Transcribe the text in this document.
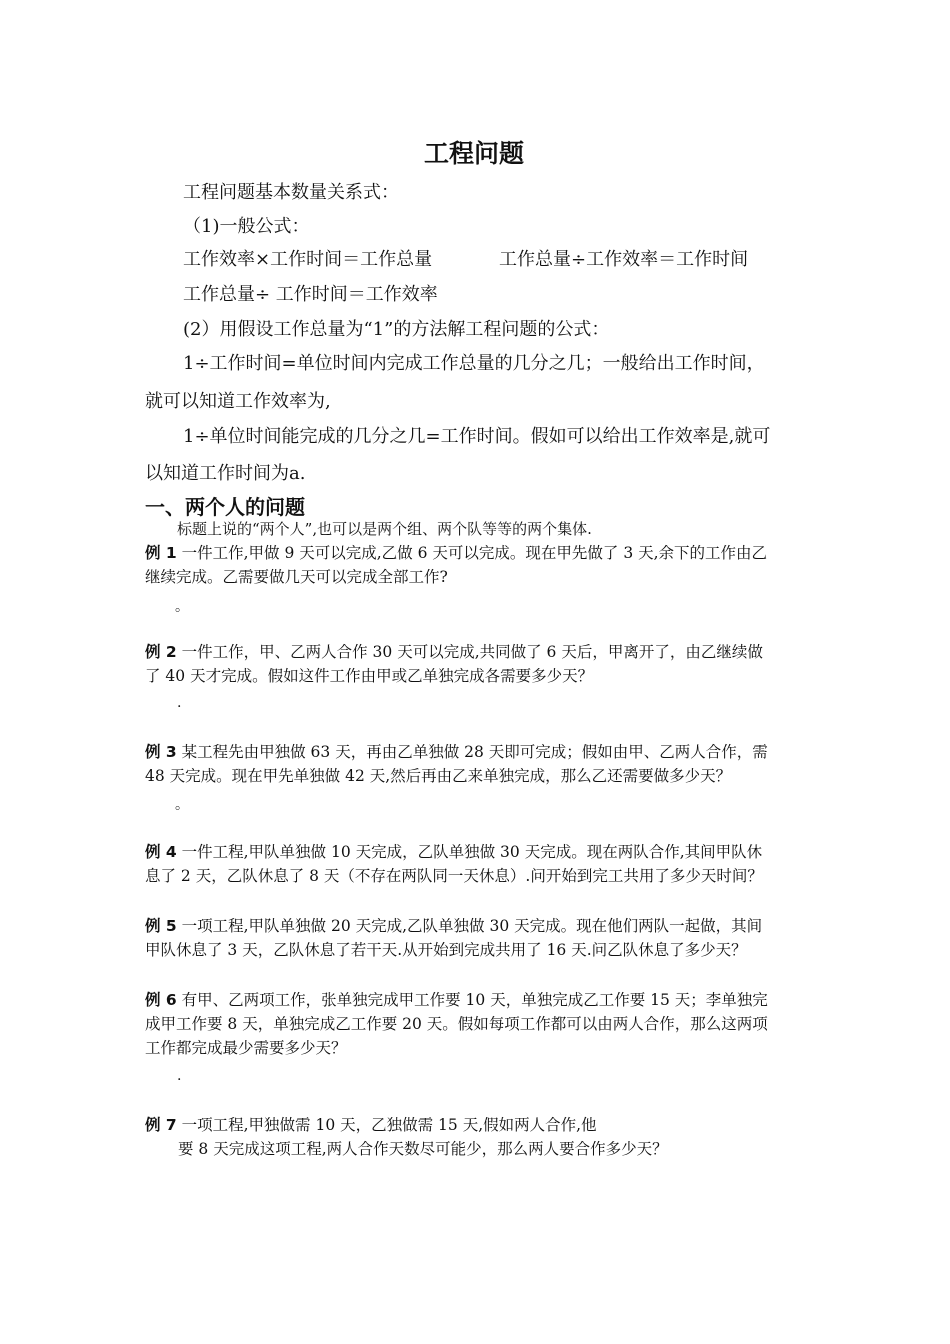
工程问题
工程问题基本数量关系式：
（1)一般公式：
工作效率×工作时间＝工作总量	工作总量÷工作效率＝工作时间
工作总量÷ 工作时间＝工作效率
(2）用假设工作总量为“1”的方法解工程问题的公式：
1÷工作时间=单位时间内完成工作总量的几分之几；一般给出工作时间，
就可以知道工作效率为,
1÷单位时间能完成的几分之几=工作时间。假如可以给出工作效率是,就可
以知道工作时间为a.
一、两个人的问题
标题上说的“两个人”,也可以是两个组、两个队等等的两个集体.
例 1 一件工作,甲做 9 天可以完成,乙做 6 天可以完成。现在甲先做了 3 天,余下的工作由乙
继续完成。乙需要做几天可以完成全部工作?
。
例 2 一件工作，甲、乙两人合作 30 天可以完成,共同做了 6 天后，甲离开了，由乙继续做
了 40 天才完成。假如这件工作由甲或乙单独完成各需要多少天？
.
例 3 某工程先由甲独做 63 天，再由乙单独做 28 天即可完成；假如由甲、乙两人合作，需
48 天完成。现在甲先单独做 42 天,然后再由乙来单独完成，那么乙还需要做多少天？
。
例 4 一件工程,甲队单独做 10 天完成，乙队单独做 30 天完成。现在两队合作,其间甲队休
息了 2 天，乙队休息了 8 天（不存在两队同一天休息）.问开始到完工共用了多少天时间？
例 5 一项工程,甲队单独做 20 天完成,乙队单独做 30 天完成。现在他们两队一起做，其间
甲队休息了 3 天，乙队休息了若干天.从开始到完成共用了 16 天.问乙队休息了多少天？
例 6 有甲、乙两项工作，张单独完成甲工作要 10 天，单独完成乙工作要 15 天；李单独完
成甲工作要 8 天，单独完成乙工作要 20 天。假如每项工作都可以由两人合作，那么这两项
工作都完成最少需要多少天？
.
例 7 一项工程,甲独做需 10 天，乙独做需 15 天,假如两人合作,他
要 8 天完成这项工程,两人合作天数尽可能少，那么两人要合作多少天？
